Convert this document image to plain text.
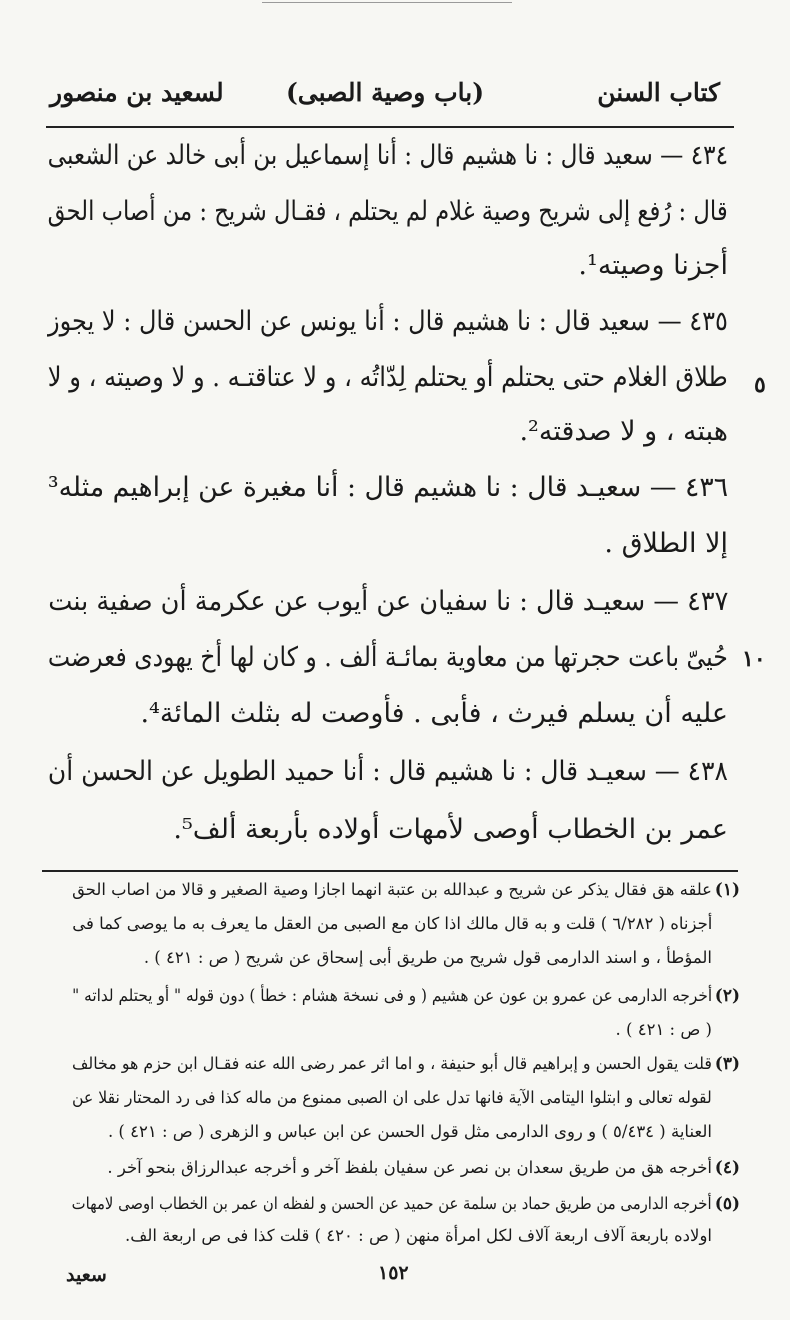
كتاب السنن
(باب وصية الصبى)
لسعيد بن منصور
٤٣٤ — سعيد قال : نا هشيم قال : أنا إسماعيل بن أبى خالد عن الشعبى
قال : رُفع إلى شريح وصية غلام لم يحتلم ، فقـال شريح : من أصاب الحق
أجزنا وصيته¹.
٤٣٥ — سعيد قال : نا هشيم قال : أنا يونس عن الحسن قال : لا يجوز
طلاق الغلام حتى يحتلم أو يحتلم لِدّاتُه ، و لا عتاقتـه . و لا وصيته ، و لا
هبته ، و لا صدقته².
٤٣٦ — سعيـد قال : نا هشيم قال : أنا مغيرة عن إبراهيم مثله³
إلا الطلاق .
٤٣٧ — سعيـد قال : نا سفيان عن أيوب عن عكرمة أن صفية بنت
حُيىّ باعت حجرتها من معاوية بمائـة ألف . و كان لها أخ يهودى فعرضت
عليه أن يسلم فيرث ، فأبى . فأوصت له بثلث المائة⁴.
٤٣٨ — سعيـد قال : نا هشيم قال : أنا حميد الطويل عن الحسن أن
عمر بن الخطاب أوصى لأمهات أولاده بأربعة ألف⁵.
٥
١٠
(١)
علقه هق فقال يذكر عن شريح و عبدالله بن عتبة انهما اجازا وصية الصغير و قالا من اصاب الحق
أجزناه ( ٦/٢٨٢ ) قلت و به قال مالك اذا كان مع الصبى من العقل ما يعرف به ما يوصى كما فى
المؤطأ ، و اسند الدارمى قول شريح من طريق أبى إسحاق عن شريح ( ص : ٤٢١ ) .
(٢)
أخرجه الدارمى عن عمرو بن عون عن هشيم ( و فى نسخة هشام : خطأ ) دون قوله " أو يحتلم لداته "
( ص : ٤٢١ ) .
(٣)
قلت يقول الحسن و إبراهيم قال أبو حنيفة ، و اما اثر عمر رضى الله عنه فقـال ابن حزم هو مخالف
لقوله تعالى و ابتلوا اليتامى الآية فانها تدل على ان الصبى ممنوع من ماله كذا فى رد المحتار نقلا عن
العناية ( ٥/٤٣٤ ) و روى الدارمى مثل قول الحسن عن ابن عباس و الزهرى ( ص : ٤٢١ ) .
(٤)
أخرجه هق من طريق سعدان بن نصر عن سفيان بلفظ آخر و أخرجه عبدالرزاق بنحو آخر .
(٥)
أخرجه الدارمى من طريق حماد بن سلمة عن حميد عن الحسن و لفظه ان عمر بن الخطاب اوصى لامهات
اولاده باربعة آلاف اربعة آلاف لكل امرأة منهن ( ص : ٤٢٠ ) قلت كذا فى ص اربعة الف.
١٥٢
سعيد
